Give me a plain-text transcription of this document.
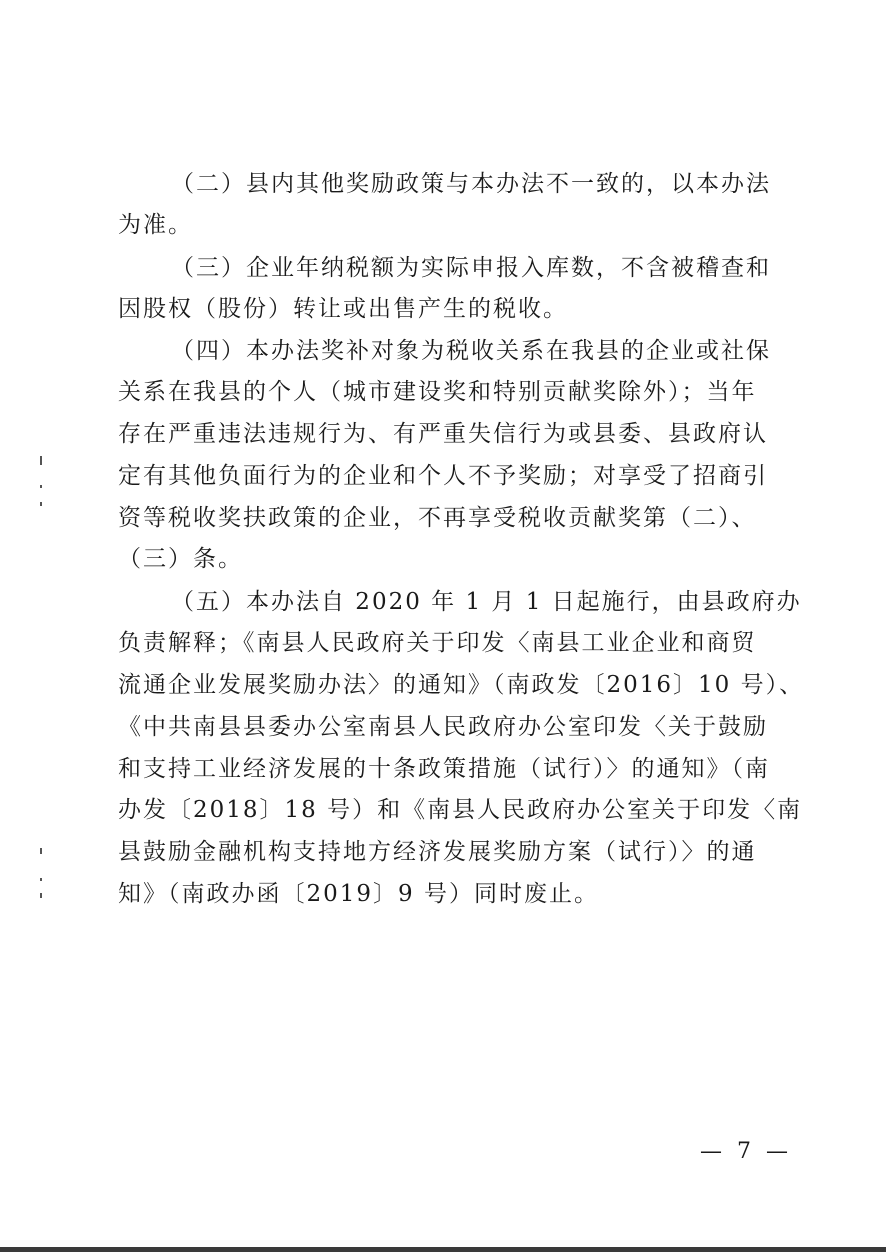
（二）县内其他奖励政策与本办法不一致的，以本办法
为准。
（三）企业年纳税额为实际申报入库数，不含被稽查和
因股权（股份）转让或出售产生的税收。
（四）本办法奖补对象为税收关系在我县的企业或社保
关系在我县的个人（城市建设奖和特别贡献奖除外）；当年
存在严重违法违规行为、有严重失信行为或县委、县政府认
定有其他负面行为的企业和个人不予奖励；对享受了招商引
资等税收奖扶政策的企业，不再享受税收贡献奖第（二）、
（三）条。
（五）本办法自 2020 年 1 月 1 日起施行，由县政府办
负责解释；《南县人民政府关于印发〈南县工业企业和商贸
流通企业发展奖励办法〉的通知》（南政发〔2016〕10 号）、
《中共南县县委办公室南县人民政府办公室印发〈关于鼓励
和支持工业经济发展的十条政策措施（试行）〉的通知》（南
办发〔2018〕18 号）和《南县人民政府办公室关于印发〈南
县鼓励金融机构支持地方经济发展奖励方案（试行）〉的通
知》（南政办函〔2019〕9 号）同时废止。
— 7 —
